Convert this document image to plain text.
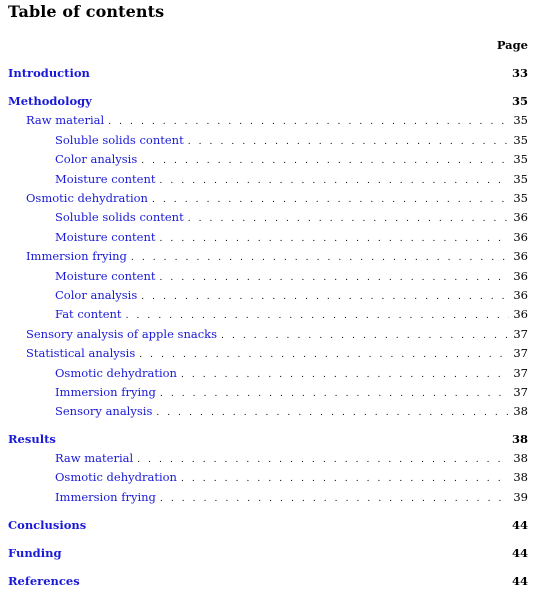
Table of contents
Page
Introduction	33
Methodology	35
Raw material . . .	35
Soluble solids content . . .	35
Color analysis . . .	35
Moisture content . . .	35
Osmotic dehydration . . .	35
Soluble solids content . . .	36
Moisture content . . .	36
Immersion frying . . .	36
Moisture content . . .	36
Color analysis . . .	36
Fat content . . .	36
Sensory analysis of apple snacks . . .	37
Statistical analysis . . .	37
Osmotic dehydration . . .	37
Immersion frying . . .	37
Sensory analysis . . .	38
Results	38
Raw material . . .	38
Osmotic dehydration . . .	38
Immersion frying . . .	39
Conclusions	44
Funding	44
References	44
